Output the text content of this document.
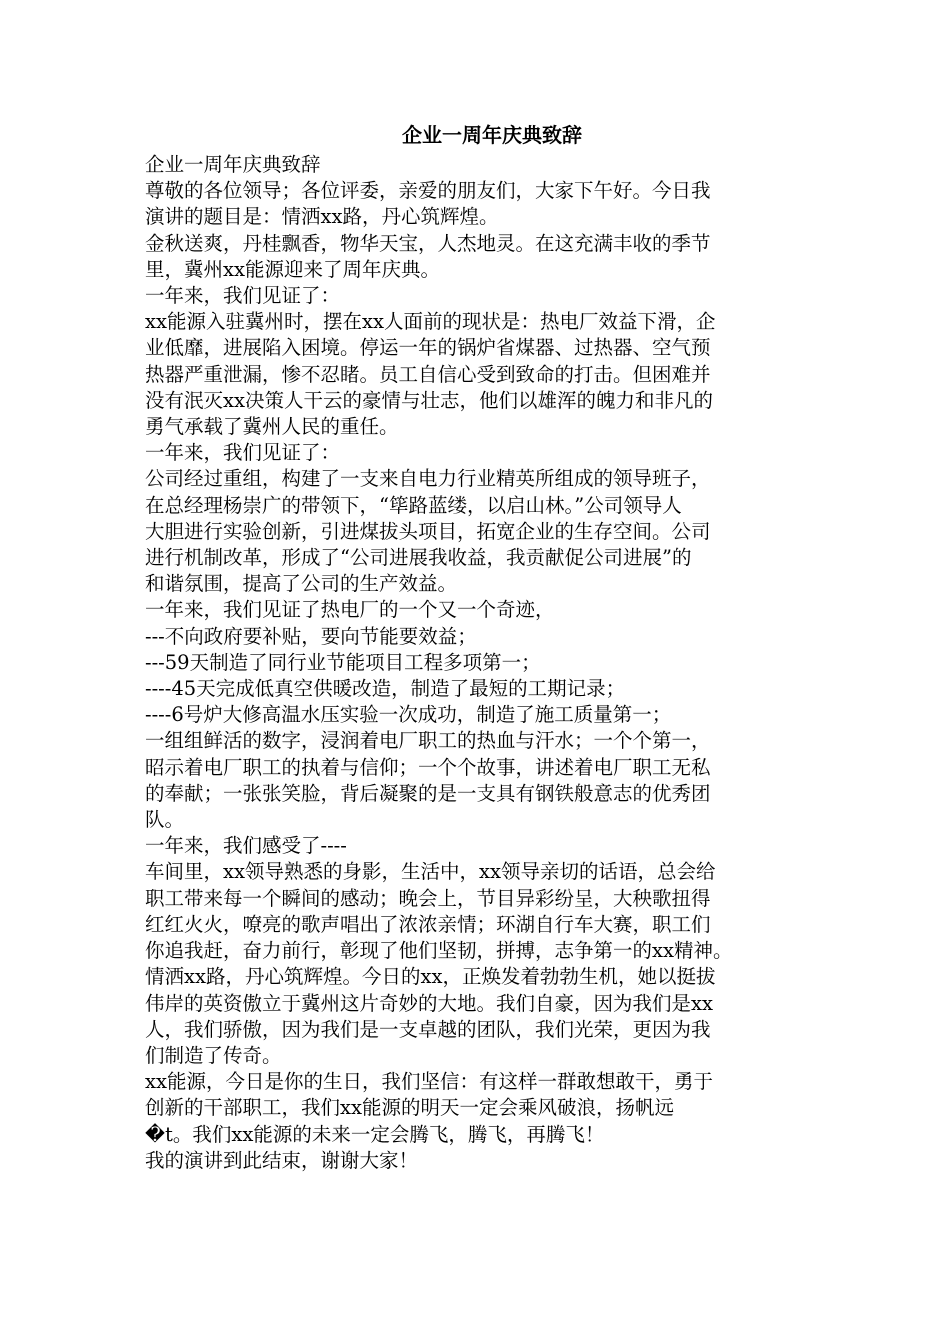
企业一周年庆典致辞

企业一周年庆典致辞

尊敬的各位领导；各位评委，亲爱的朋友们，大家下午好。今日我
演讲的题目是：情洒xx路，丹心筑辉煌。

金秋送爽，丹桂飘香，物华天宝，人杰地灵。在这充满丰收的季节
里，冀州xx能源迎来了周年庆典。

一年来，我们见证了：

xx能源入驻冀州时，摆在xx人面前的现状是：热电厂效益下滑，企
业低靡，进展陷入困境。停运一年的锅炉省煤器、过热器、空气预
热器严重泄漏，惨不忍睹。员工自信心受到致命的打击。但困难并
没有泯灭xx决策人干云的豪情与壮志，他们以雄浑的魄力和非凡的
勇气承载了冀州人民的重任。

一年来，我们见证了：

公司经过重组，构建了一支来自电力行业精英所组成的领导班子，
在总经理杨崇广的带领下，“筚路蓝缕，以启山林。”公司领导人
大胆进行实验创新，引进煤拔头项目，拓宽企业的生存空间。公司
进行机制改革，形成了“公司进展我收益，我贡献促公司进展”的
和谐氛围，提高了公司的生产效益。

一年来，我们见证了热电厂的一个又一个奇迹，

---不向政府要补贴，要向节能要效益；

---59天制造了同行业节能项目工程多项第一；

----45天完成低真空供暖改造，制造了最短的工期记录；

----6号炉大修高温水压实验一次成功，制造了施工质量第一；

一组组鲜活的数字，浸润着电厂职工的热血与汗水；一个个第一，
昭示着电厂职工的执着与信仰；一个个故事，讲述着电厂职工无私
的奉献；一张张笑脸，背后凝聚的是一支具有钢铁般意志的优秀团
队。

一年来，我们感受了----

车间里，xx领导熟悉的身影，生活中，xx领导亲切的话语，总会给
职工带来每一个瞬间的感动；晚会上，节目异彩纷呈，大秧歌扭得
红红火火，嘹亮的歌声唱出了浓浓亲情；环湖自行车大赛，职工们
你追我赶，奋力前行，彰现了他们坚韧，拼搏，志争第一的xx精神。

情洒xx路，丹心筑辉煌。今日的xx，正焕发着勃勃生机，她以挺拔
伟岸的英资傲立于冀州这片奇妙的大地。我们自豪，因为我们是xx
人，我们骄傲，因为我们是一支卓越的团队，我们光荣，更因为我
们制造了传奇。

xx能源，今日是你的生日，我们坚信：有这样一群敢想敢干，勇于
创新的干部职工，我们xx能源的明天一定会乘风破浪，扬帆远
�t。我们xx能源的未来一定会腾飞，腾飞，再腾飞！

我的演讲到此结束，谢谢大家！
